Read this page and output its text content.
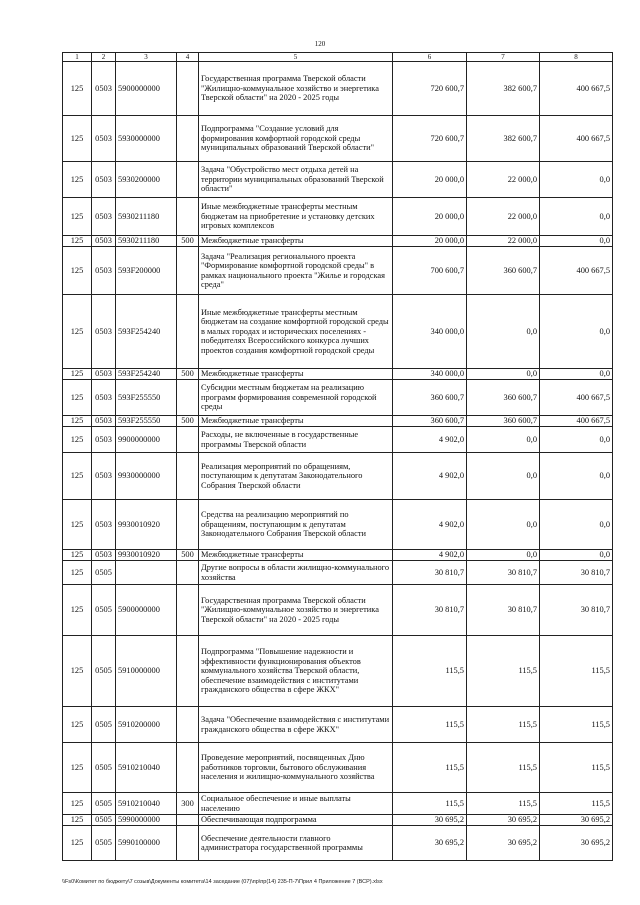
120
1	2	3	4	5	6	7	8
125	0503	5900000000		Государственная программа Тверской области "Жилищно-коммунальное хозяйство и энергетика Тверской области" на 2020 - 2025 годы	720 600,7	382 600,7	400 667,5
125	0503	5930000000		Подпрограмма "Создание условий для формирования комфортной городской среды муниципальных образований Тверской области"	720 600,7	382 600,7	400 667,5
125	0503	5930200000		Задача "Обустройство мест отдыха детей на территории муниципальных образований Тверской области"	20 000,0	22 000,0	0,0
125	0503	5930211180		Иные межбюджетные трансферты местным бюджетам на приобретение и установку детских игровых комплексов	20 000,0	22 000,0	0,0
125	0503	5930211180	500	Межбюджетные трансферты	20 000,0	22 000,0	0,0
125	0503	593F200000		Задача "Реализация регионального проекта "Формирование комфортной городской среды" в рамках национального проекта "Жилье и городская среда"	700 600,7	360 600,7	400 667,5
125	0503	593F254240		Иные межбюджетные трансферты местным бюджетам на создание комфортной городской среды в малых городах и исторических поселениях - победителях Всероссийского конкурса лучших проектов создания комфортной городской среды	340 000,0	0,0	0,0
125	0503	593F254240	500	Межбюджетные трансферты	340 000,0	0,0	0,0
125	0503	593F255550		Субсидии местным бюджетам на реализацию программ формирования современной городской среды	360 600,7	360 600,7	400 667,5
125	0503	593F255550	500	Межбюджетные трансферты	360 600,7	360 600,7	400 667,5
125	0503	9900000000		Расходы, не включенные в государственные программы Тверской области	4 902,0	0,0	0,0
125	0503	9930000000		Реализация мероприятий по обращениям, поступающим к депутатам Законодательного Собрания Тверской области	4 902,0	0,0	0,0
125	0503	9930010920		Средства на реализацию мероприятий по обращениям, поступающим к депутатам Законодательного Собрания Тверской области	4 902,0	0,0	0,0
125	0503	9930010920	500	Межбюджетные трансферты	4 902,0	0,0	0,0
125	0505			Другие вопросы в области жилищно-коммунального хозяйства	30 810,7	30 810,7	30 810,7
125	0505	5900000000		Государственная программа Тверской области "Жилищно-коммунальное хозяйство и энергетика Тверской области" на 2020 - 2025 годы	30 810,7	30 810,7	30 810,7
125	0505	5910000000		Подпрограмма "Повышение надежности и эффективности функционирования объектов коммунального хозяйства Тверской области, обеспечение взаимодействия с институтами гражданского общества в сфере ЖКХ"	115,5	115,5	115,5
125	0505	5910200000		Задача "Обеспечение взаимодействия с институтами гражданского общества в сфере ЖКХ"	115,5	115,5	115,5
125	0505	5910210040		Проведение мероприятий, посвященных Дню работников торговли, бытового обслуживания населения и жилищно-коммунального хозяйства	115,5	115,5	115,5
125	0505	5910210040	300	Социальное обеспечение и иные выплаты населению	115,5	115,5	115,5
125	0505	5990000000		Обеспечивающая подпрограмма	30 695,2	30 695,2	30 695,2
125	0505	5990100000		Обеспечение деятельности главного администратора государственной программы	30 695,2	30 695,2	30 695,2
\\Fs0\Комитет по бюджету\7 созыв\Документы комитета\14 заседание (07)\пр\пр(14) 235-П-7\Прил 4 Приложение 7 (ВСР).xlsx
